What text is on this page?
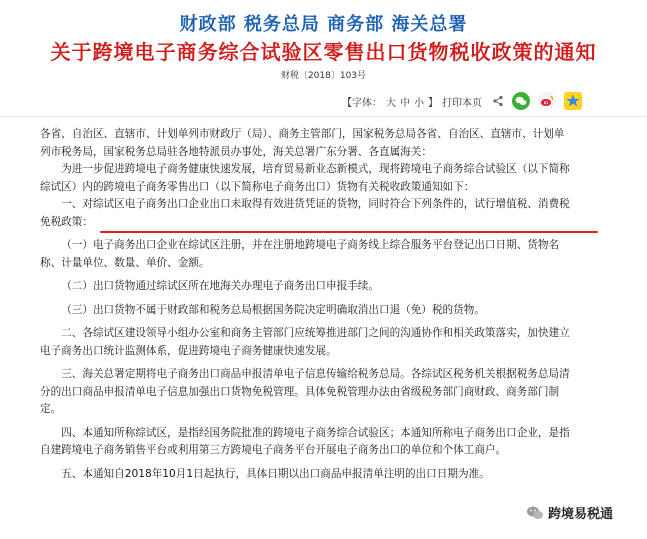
财政部 税务总局 商务部 海关总署
关于跨境电子商务综合试验区零售出口货物税收政策的通知
财税〔2018〕103号
【字体： 大 中 小 】 打印本页

各省、自治区、直辖市、计划单列市财政厅（局）、商务主管部门，国家税务总局各省、自治区、直辖市、计划单

列市税务局，国家税务总局驻各地特派员办事处，海关总署广东分署、各直属海关：

为进一步促进跨境电子商务健康快速发展，培育贸易新业态新模式，现将跨境电子商务综合试验区（以下简称

综试区）内的跨境电子商务零售出口（以下简称电子商务出口）货物有关税收政策通知如下：

一、对综试区电子商务出口企业出口未取得有效进货凭证的货物，同时符合下列条件的，试行增值税、消费税

免税政策：

（一）电子商务出口企业在综试区注册，并在注册地跨境电子商务线上综合服务平台登记出口日期、货物名

称、计量单位、数量、单价、金额。

（二）出口货物通过综试区所在地海关办理电子商务出口申报手续。

（三）出口货物不属于财政部和税务总局根据国务院决定明确取消出口退（免）税的货物。

二、各综试区建设领导小组办公室和商务主管部门应统筹推进部门之间的沟通协作和相关政策落实，加快建立

电子商务出口统计监测体系，促进跨境电子商务健康快速发展。

三、海关总署定期将电子商务出口商品申报清单电子信息传输给税务总局。各综试区税务机关根据税务总局清

分的出口商品申报清单电子信息加强出口货物免税管理。具体免税管理办法由省级税务部门商财政、商务部门制

定。

四、本通知所称综试区，是指经国务院批准的跨境电子商务综合试验区；本通知所称电子商务出口企业，是指

自建跨境电子商务销售平台或利用第三方跨境电子商务平台开展电子商务出口的单位和个体工商户。

五、本通知自2018年10月1日起执行，具体日期以出口商品申报清单注明的出口日期为准。

跨境易税通
